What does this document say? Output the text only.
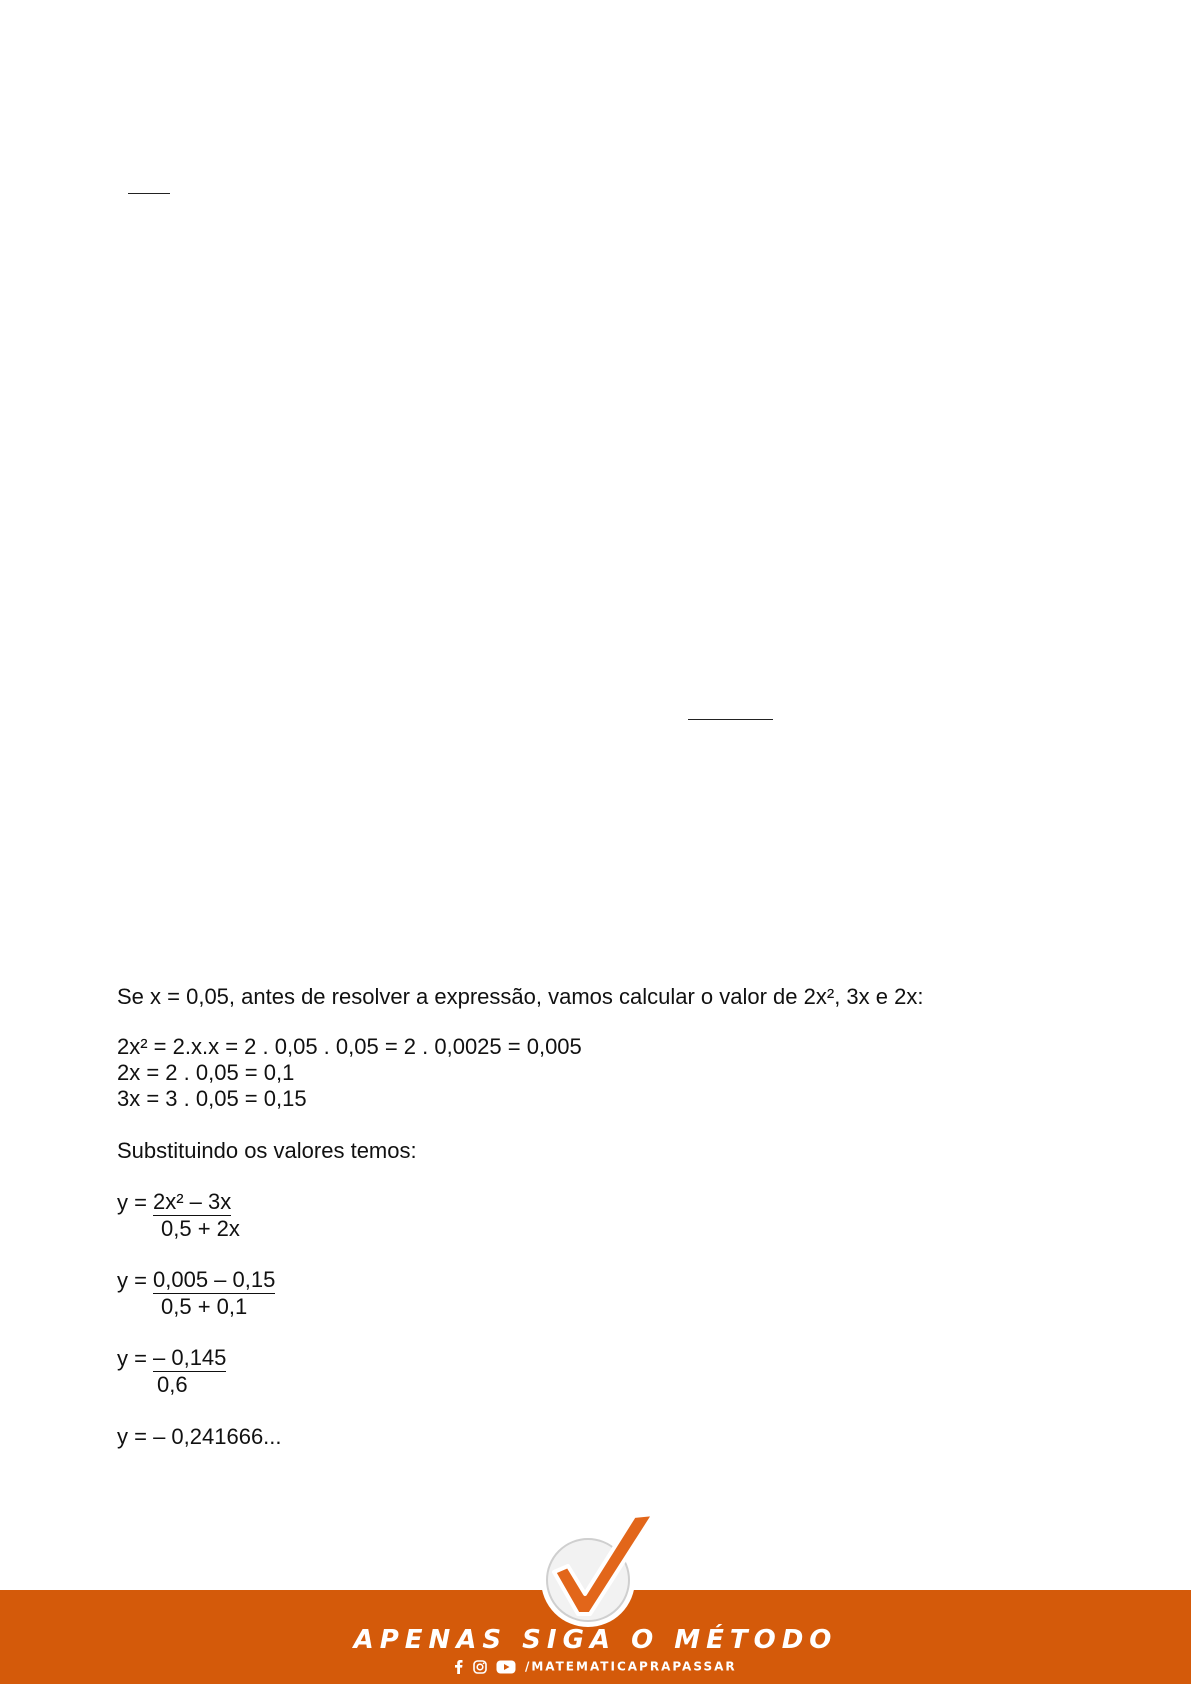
Se x = 0,05, antes de resolver a expressão, vamos calcular o valor de 2x², 3x e 2x:

2x² = 2.x.x = 2 . 0,05 . 0,05 = 2 . 0,0025 = 0,005

2x = 2 . 0,05 = 0,1

3x = 3 . 0,05 = 0,15

Substituindo os valores temos:

y = 2x² – 3x
0,5 + 2x
y = 0,005 – 0,15
0,5 + 0,1
y = – 0,145
0,6

y = – 0,241666...

APENAS SIGA O MÉTODO
/MATEMATICAPRAPASSAR
